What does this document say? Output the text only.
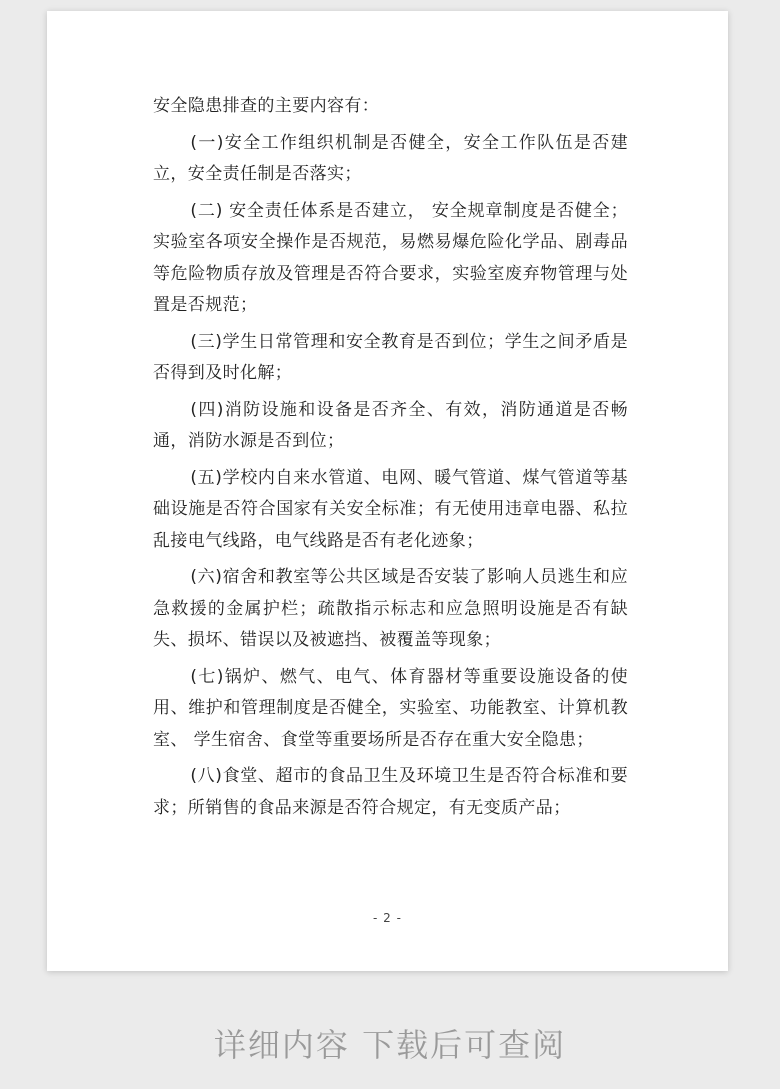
安全隐患排查的主要内容有：

(一)安全工作组织机制是否健全，安全工作队伍是否建立，安全责任制是否落实；

(二) 安全责任体系是否建立， 安全规章制度是否健全；实验室各项安全操作是否规范，易燃易爆危险化学品、剧毒品等危险物质存放及管理是否符合要求，实验室废弃物管理与处置是否规范；

(三)学生日常管理和安全教育是否到位；学生之间矛盾是否得到及时化解；

(四)消防设施和设备是否齐全、有效，消防通道是否畅通，消防水源是否到位；

(五)学校内自来水管道、电网、暖气管道、煤气管道等基础设施是否符合国家有关安全标准；有无使用违章电器、私拉乱接电气线路，电气线路是否有老化迹象；

(六)宿舍和教室等公共区域是否安装了影响人员逃生和应急救援的金属护栏；疏散指示标志和应急照明设施是否有缺失、损坏、错误以及被遮挡、被覆盖等现象；

(七)锅炉、燃气、电气、体育器材等重要设施设备的使用、维护和管理制度是否健全，实验室、功能教室、计算机教室、 学生宿舍、食堂等重要场所是否存在重大安全隐患；

(八)食堂、超市的食品卫生及环境卫生是否符合标准和要求；所销售的食品来源是否符合规定，有无变质产品；

- 2 -
详细内容 下载后可查阅
